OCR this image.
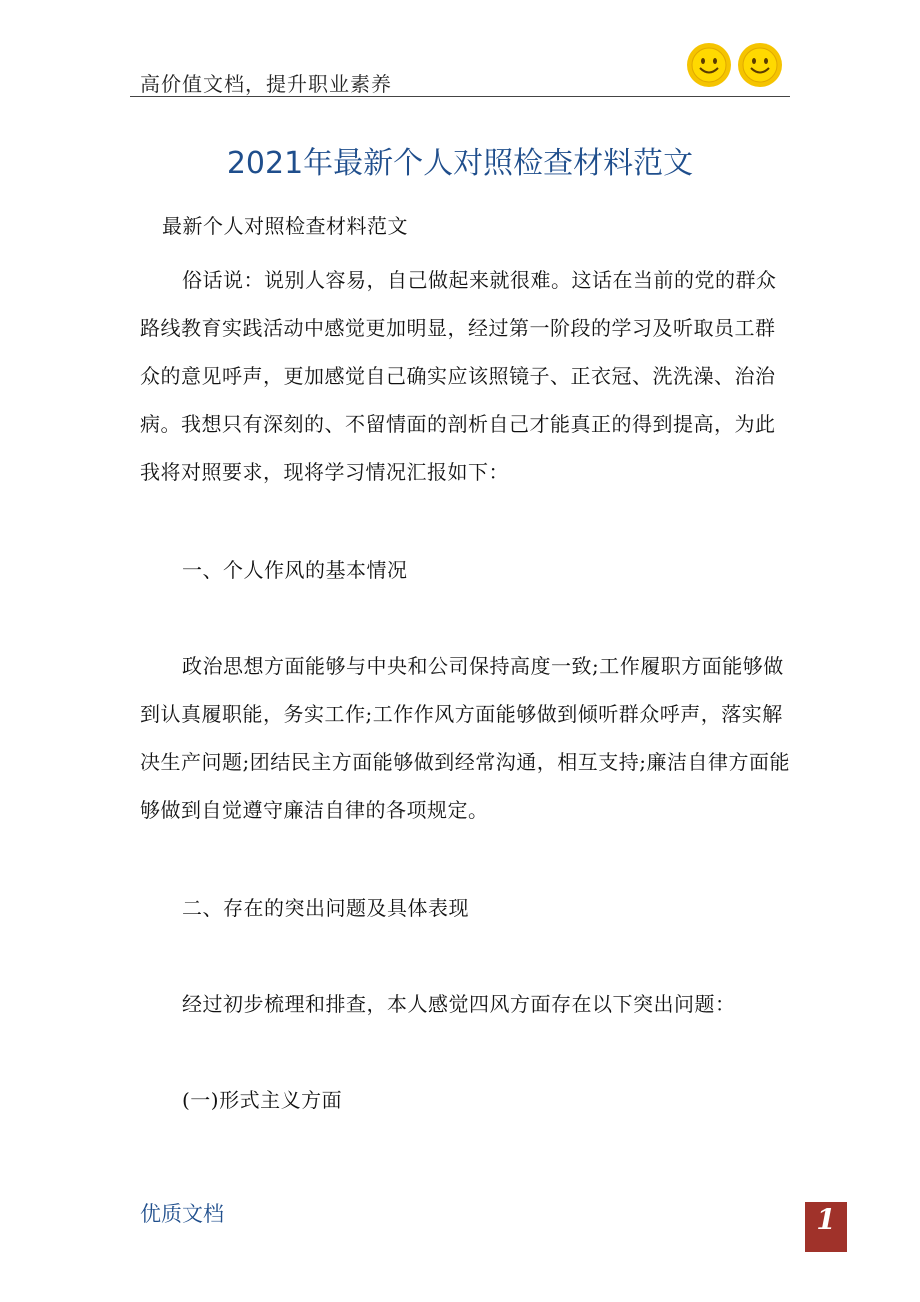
高价值文档，提升职业素养
2021年最新个人对照检查材料范文

最新个人对照检查材料范文

俗话说：说别人容易，自己做起来就很难。这话在当前的党的群众路线教育实践活动中感觉更加明显，经过第一阶段的学习及听取员工群众的意见呼声，更加感觉自己确实应该照镜子、正衣冠、洗洗澡、治治病。我想只有深刻的、不留情面的剖析自己才能真正的得到提高，为此我将对照要求，现将学习情况汇报如下：

一、个人作风的基本情况

政治思想方面能够与中央和公司保持高度一致;工作履职方面能够做到认真履职能，务实工作;工作作风方面能够做到倾听群众呼声，落实解决生产问题;团结民主方面能够做到经常沟通，相互支持;廉洁自律方面能够做到自觉遵守廉洁自律的各项规定。

二、存在的突出问题及具体表现

经过初步梳理和排查，本人感觉四风方面存在以下突出问题：

(一)形式主义方面

优质文档	1
